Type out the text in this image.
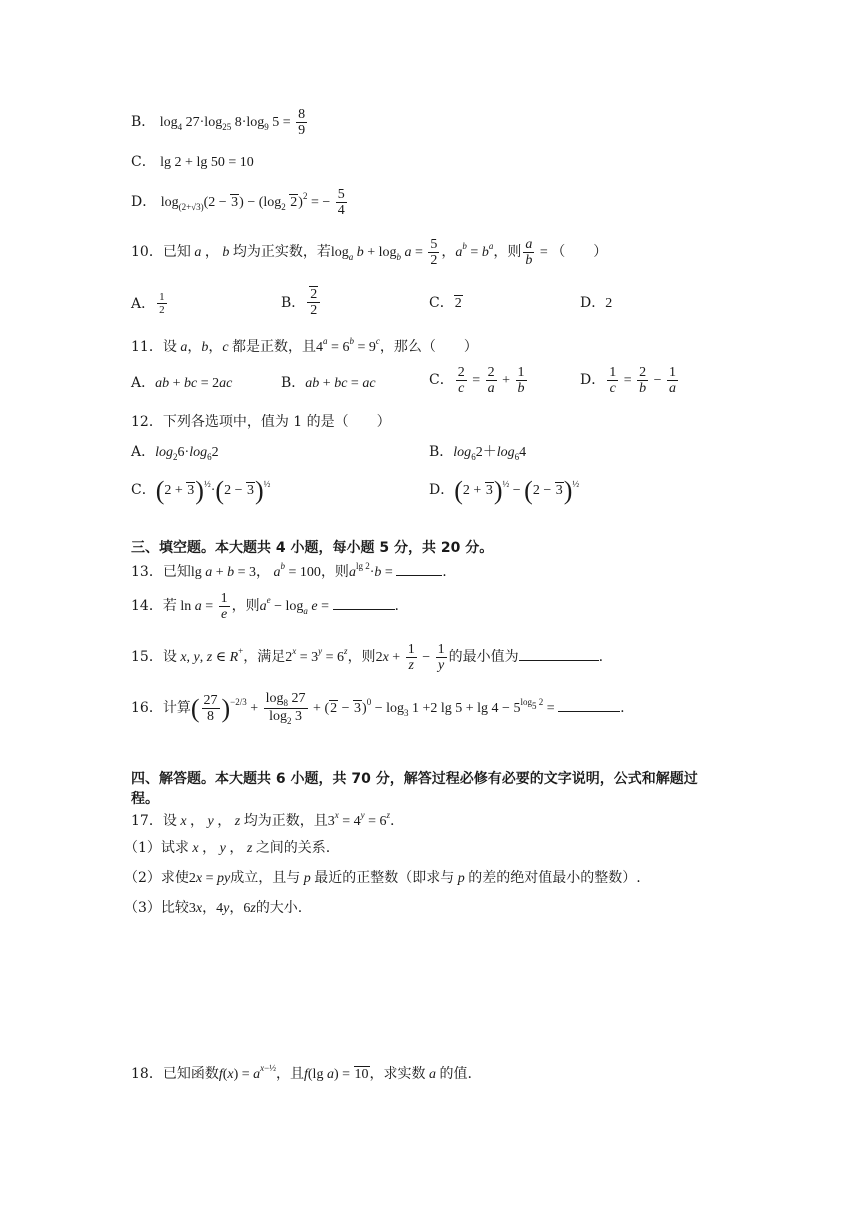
B． $\log_4 27\cdot\log_{25}$ $8\cdot\log_9$ $5 = \frac{8}{9}$
C． lg 2 + lg 50 = 10
D． $\log_{(2+√3)}(2 - 3) - (\log_2$ 2)$^2$ = − $\frac{5}{4}$
10．已知 a ， b 均为正实数，若$\log_a b + \log_b a = \frac{5}{2}$ ，$a^b = b^a$，则 $\frac{a}{b}$ = （　　）
A． $\frac{1}{2}$	B． $\frac{2}{2}$	C．2	D．2
11．设 a，b，c 都是正数，且$4^a = 6^b = 9^c$，那么（　　）
A．ab + bc = 2ac	B．ab + bc = ac	C． $\frac{2}{c} = \frac{2}{a} + \frac{1}{b}$	D． $\frac{1}{c} = \frac{2}{b} - \frac{1}{a}$
12．下列各选项中，值为 1 的是（　　）
A．$\log_26\cdot\log_62$	B．$\log_62+\log_64$
C．$(2 + 3)^{\frac{1}{2}}\cdot(2 - 3)^{\frac{1}{2}}$	D．$(2 + 3)^{\frac{1}{2}} - (2 - 3)^{\frac{1}{2}}$
三、填空题。本大题共 4 小题，每小题 5 分，共 20 分。
13．已知lg a + b = 3， $a^b = 100$，则$a^{lg 2}\cdot b$ =	.
14．若 $\ln a = \frac{1}{e}$ ，则$a^e - \log_a e$ =	.
15．设 x, y, z ∈ R+，满足$2^x = 3^y = 6^z$，则$2x + \frac{1}{z} - \frac{1}{y}$ 的最小值为	.
16．计算( $\frac{27}{8} )^{-2/3} + \frac{\log_8 27}{\log_2 3} + (2 - 3)^0 - \log_3 1 +2$ $\lg 5 + \lg 4 - 5^{log_5 2}$ =	.
四、解答题。本大题共 6 小题，共 70 分，解答过程必修有必要的文字说明，公式和解题过
程。
17．设 x ， y ， z 均为正数，且$3^x = 4^y = 6^z$.
（1）试求 x ， y ， z 之间的关系.
（2）求使2x = py成立，且与 p 最近的正整数（即求与 p 的差的绝对值最小的整数）.
（3）比较3x，4y，6z的大小.
18．已知函数$f(x) = a^{x-\frac{1}{2}}$，且f(lg a) = 10，求实数 a 的值.
